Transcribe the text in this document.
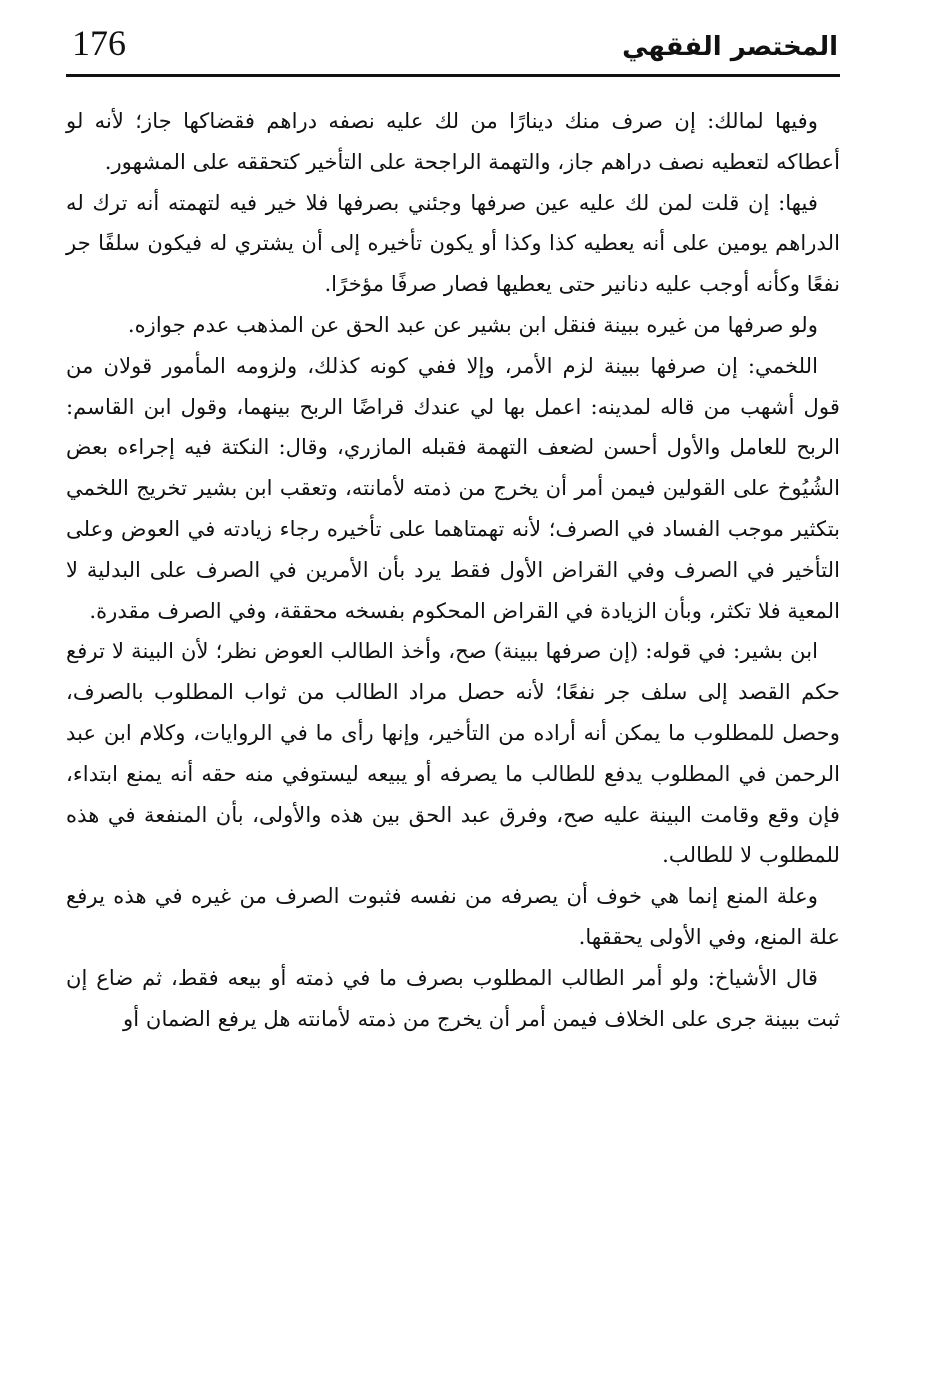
176	المختصر الفقهي

وفيها لمالك: إن صرف منك دينارًا من لك عليه نصفه دراهم فقضاكها جاز؛ لأنه لو أعطاكه لتعطيه نصف دراهم جاز، والتهمة الراجحة على التأخير كتحققه على المشهور.

فيها: إن قلت لمن لك عليه عين صرفها وجئني بصرفها فلا خير فيه لتهمته أنه ترك له الدراهم يومين على أنه يعطيه كذا وكذا أو يكون تأخيره إلى أن يشتري له فيكون سلفًا جر نفعًا وكأنه أوجب عليه دنانير حتى يعطيها فصار صرفًا مؤخرًا.

ولو صرفها من غيره ببينة فنقل ابن بشير عن عبد الحق عن المذهب عدم جوازه.

اللخمي: إن صرفها ببينة لزم الأمر، وإلا ففي كونه كذلك، ولزومه المأمور قولان من قول أشهب من قاله لمدينه: اعمل بها لي عندك قراضًا الربح بينهما، وقول ابن القاسم: الربح للعامل والأول أحسن لضعف التهمة فقبله المازري، وقال: النكتة فيه إجراءه بعض الشُيُوخ على القولين فيمن أمر أن يخرج من ذمته لأمانته، وتعقب ابن بشير تخريج اللخمي بتكثير موجب الفساد في الصرف؛ لأنه تهمتاهما على تأخيره رجاء زيادته في العوض وعلى التأخير في الصرف وفي القراض الأول فقط يرد بأن الأمرين في الصرف على البدلية لا المعية فلا تكثر، وبأن الزيادة في القراض المحكوم بفسخه محققة، وفي الصرف مقدرة.

ابن بشير: في قوله: (إن صرفها ببينة) صح، وأخذ الطالب العوض نظر؛ لأن البينة لا ترفع حكم القصد إلى سلف جر نفعًا؛ لأنه حصل مراد الطالب من ثواب المطلوب بالصرف، وحصل للمطلوب ما يمكن أنه أراده من التأخير، وإنها رأى ما في الروايات، وكلام ابن عبد الرحمن في المطلوب يدفع للطالب ما يصرفه أو يبيعه ليستوفي منه حقه أنه يمنع ابتداء، فإن وقع وقامت البينة عليه صح، وفرق عبد الحق بين هذه والأولى، بأن المنفعة في هذه للمطلوب لا للطالب.

وعلة المنع إنما هي خوف أن يصرفه من نفسه فثبوت الصرف من غيره في هذه يرفع علة المنع، وفي الأولى يحققها.

قال الأشياخ: ولو أمر الطالب المطلوب بصرف ما في ذمته أو بيعه فقط، ثم ضاع إن ثبت ببينة جرى على الخلاف فيمن أمر أن يخرج من ذمته لأمانته هل يرفع الضمان أو
